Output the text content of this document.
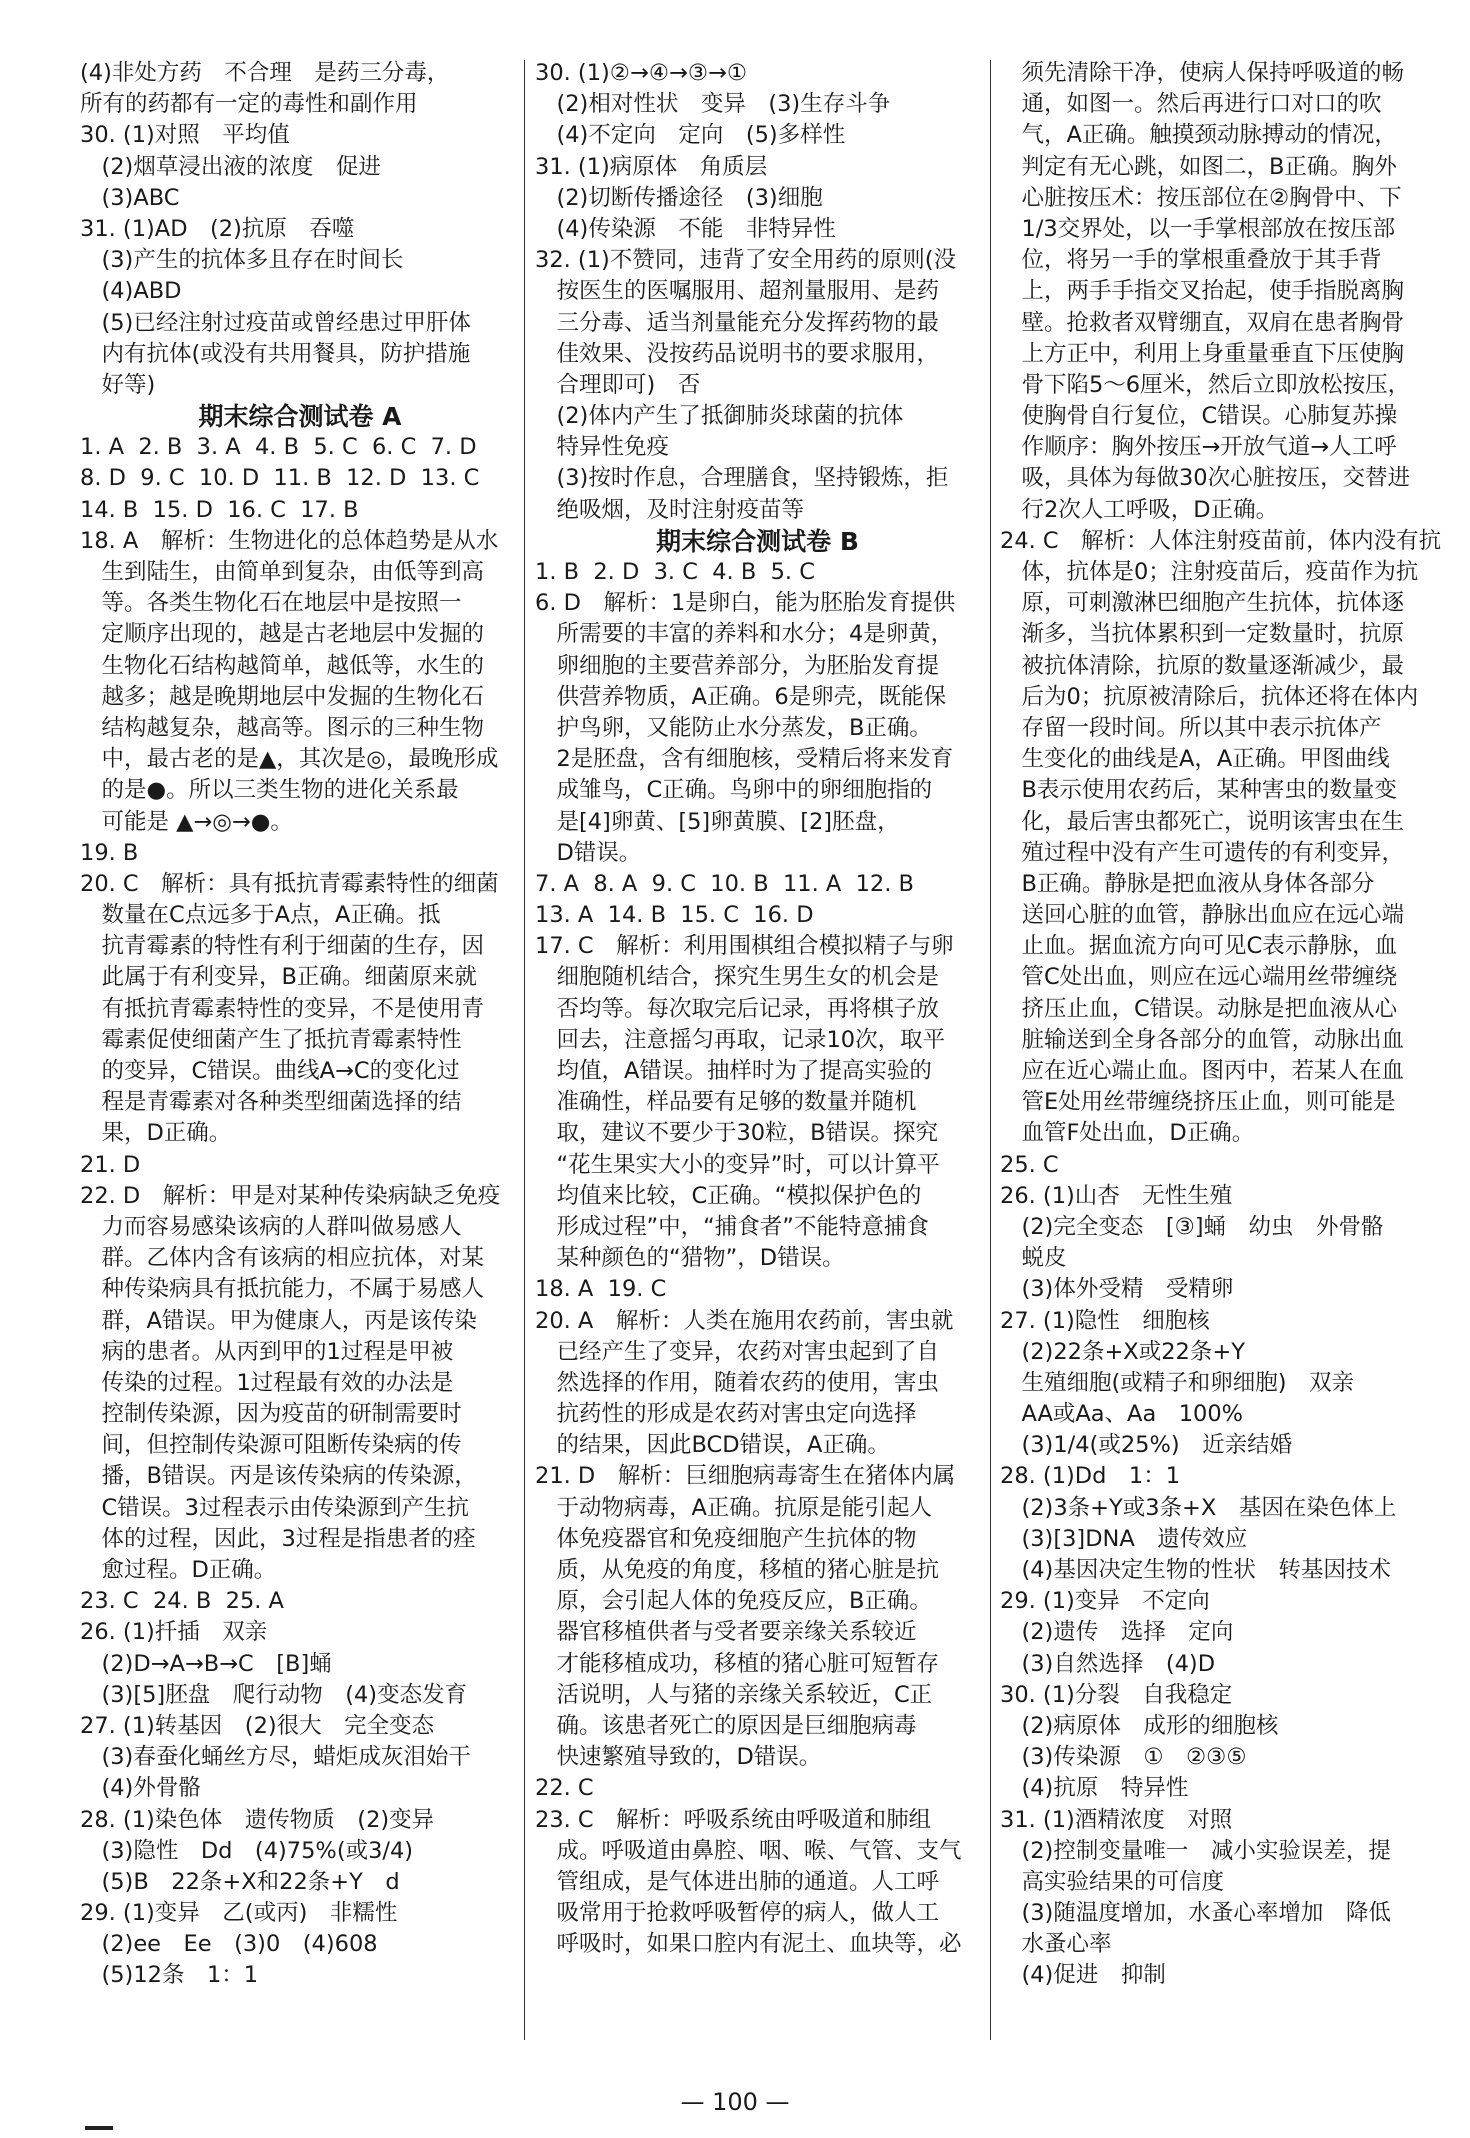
(4)非处方药　不合理　是药三分毒，
所有的药都有一定的毒性和副作用
30. (1)对照　平均值
(2)烟草浸出液的浓度　促进
(3)ABC
31. (1)AD　(2)抗原　吞噬
(3)产生的抗体多且存在时间长
(4)ABD
(5)已经注射过疫苗或曾经患过甲肝体
内有抗体(或没有共用餐具，防护措施
好等)
期末综合测试卷 A
1. A  2. B  3. A  4. B  5. C  6. C  7. D
8. D  9. C  10. D  11. B  12. D  13. C
14. B  15. D  16. C  17. B
18. A　解析：生物进化的总体趋势是从水
生到陆生，由简单到复杂，由低等到高
等。各类生物化石在地层中是按照一
定顺序出现的，越是古老地层中发掘的
生物化石结构越简单，越低等，水生的
越多；越是晚期地层中发掘的生物化石
结构越复杂，越高等。图示的三种生物
中，最古老的是▲，其次是◎，最晚形成
的是●。所以三类生物的进化关系最
可能是 ▲→◎→●。
19. B
20. C　解析：具有抵抗青霉素特性的细菌
数量在C点远多于A点，A正确。抵
抗青霉素的特性有利于细菌的生存，因
此属于有利变异，B正确。细菌原来就
有抵抗青霉素特性的变异，不是使用青
霉素促使细菌产生了抵抗青霉素特性
的变异，C错误。曲线A→C的变化过
程是青霉素对各种类型细菌选择的结
果，D正确。
21. D
22. D　解析：甲是对某种传染病缺乏免疫
力而容易感染该病的人群叫做易感人
群。乙体内含有该病的相应抗体，对某
种传染病具有抵抗能力，不属于易感人
群，A错误。甲为健康人，丙是该传染
病的患者。从丙到甲的1过程是甲被
传染的过程。1过程最有效的办法是
控制传染源，因为疫苗的研制需要时
间，但控制传染源可阻断传染病的传
播，B错误。丙是该传染病的传染源，
C错误。3过程表示由传染源到产生抗
体的过程，因此，3过程是指患者的痊
愈过程。D正确。
23. C  24. B  25. A
26. (1)扦插　双亲
(2)D→A→B→C　[B]蛹
(3)[5]胚盘　爬行动物　(4)变态发育
27. (1)转基因　(2)很大　完全变态
(3)春蚕化蛹丝方尽，蜡炬成灰泪始干
(4)外骨骼
28. (1)染色体　遗传物质　(2)变异
(3)隐性　Dd　(4)75%(或3/4)
(5)B　22条+X和22条+Y　d
29. (1)变异　乙(或丙)　非糯性
(2)ee　Ee　(3)0　(4)608
(5)12条　1：1
30. (1)②→④→③→①
(2)相对性状　变异　(3)生存斗争
(4)不定向　定向　(5)多样性
31. (1)病原体　角质层
(2)切断传播途径　(3)细胞
(4)传染源　不能　非特异性
32. (1)不赞同，违背了安全用药的原则(没
按医生的医嘱服用、超剂量服用、是药
三分毒、适当剂量能充分发挥药物的最
佳效果、没按药品说明书的要求服用，
合理即可)　否
(2)体内产生了抵御肺炎球菌的抗体
特异性免疫
(3)按时作息，合理膳食，坚持锻炼，拒
绝吸烟，及时注射疫苗等
期末综合测试卷 B
1. B  2. D  3. C  4. B  5. C
6. D　解析：1是卵白，能为胚胎发育提供
所需要的丰富的养料和水分；4是卵黄，
卵细胞的主要营养部分，为胚胎发育提
供营养物质，A正确。6是卵壳，既能保
护鸟卵，又能防止水分蒸发，B正确。
2是胚盘，含有细胞核，受精后将来发育
成雏鸟，C正确。鸟卵中的卵细胞指的
是[4]卵黄、[5]卵黄膜、[2]胚盘，
D错误。
7. A  8. A  9. C  10. B  11. A  12. B
13. A  14. B  15. C  16. D
17. C　解析：利用围棋组合模拟精子与卵
细胞随机结合，探究生男生女的机会是
否均等。每次取完后记录，再将棋子放
回去，注意摇匀再取，记录10次，取平
均值，A错误。抽样时为了提高实验的
准确性，样品要有足够的数量并随机
取，建议不要少于30粒，B错误。探究
“花生果实大小的变异”时，可以计算平
均值来比较，C正确。“模拟保护色的
形成过程”中，“捕食者”不能特意捕食
某种颜色的“猎物”，D错误。
18. A  19. C
20. A　解析：人类在施用农药前，害虫就
已经产生了变异，农药对害虫起到了自
然选择的作用，随着农药的使用，害虫
抗药性的形成是农药对害虫定向选择
的结果，因此BCD错误，A正确。
21. D　解析：巨细胞病毒寄生在猪体内属
于动物病毒，A正确。抗原是能引起人
体免疫器官和免疫细胞产生抗体的物
质，从免疫的角度，移植的猪心脏是抗
原，会引起人体的免疫反应，B正确。
器官移植供者与受者要亲缘关系较近
才能移植成功，移植的猪心脏可短暂存
活说明，人与猪的亲缘关系较近，C正
确。该患者死亡的原因是巨细胞病毒
快速繁殖导致的，D错误。
22. C
23. C　解析：呼吸系统由呼吸道和肺组
成。呼吸道由鼻腔、咽、喉、气管、支气
管组成，是气体进出肺的通道。人工呼
吸常用于抢救呼吸暂停的病人，做人工
呼吸时，如果口腔内有泥土、血块等，必
须先清除干净，使病人保持呼吸道的畅
通，如图一。然后再进行口对口的吹
气，A正确。触摸颈动脉搏动的情况，
判定有无心跳，如图二，B正确。胸外
心脏按压术：按压部位在②胸骨中、下
1/3交界处，以一手掌根部放在按压部
位，将另一手的掌根重叠放于其手背
上，两手手指交叉抬起，使手指脱离胸
壁。抢救者双臂绷直，双肩在患者胸骨
上方正中，利用上身重量垂直下压使胸
骨下陷5～6厘米，然后立即放松按压，
使胸骨自行复位，C错误。心肺复苏操
作顺序：胸外按压→开放气道→人工呼
吸，具体为每做30次心脏按压，交替进
行2次人工呼吸，D正确。
24. C　解析：人体注射疫苗前，体内没有抗
体，抗体是0；注射疫苗后，疫苗作为抗
原，可刺激淋巴细胞产生抗体，抗体逐
渐多，当抗体累积到一定数量时，抗原
被抗体清除，抗原的数量逐渐减少，最
后为0；抗原被清除后，抗体还将在体内
存留一段时间。所以其中表示抗体产
生变化的曲线是A，A正确。甲图曲线
B表示使用农药后，某种害虫的数量变
化，最后害虫都死亡，说明该害虫在生
殖过程中没有产生可遗传的有利变异，
B正确。静脉是把血液从身体各部分
送回心脏的血管，静脉出血应在远心端
止血。据血流方向可见C表示静脉，血
管C处出血，则应在远心端用丝带缠绕
挤压止血，C错误。动脉是把血液从心
脏输送到全身各部分的血管，动脉出血
应在近心端止血。图丙中，若某人在血
管E处用丝带缠绕挤压止血，则可能是
血管F处出血，D正确。
25. C
26. (1)山杏　无性生殖
(2)完全变态　[③]蛹　幼虫　外骨骼
蜕皮
(3)体外受精　受精卵
27. (1)隐性　细胞核
(2)22条+X或22条+Y
生殖细胞(或精子和卵细胞)　双亲
AA或Aa、Aa　100%
(3)1/4(或25%)　近亲结婚
28. (1)Dd　1：1
(2)3条+Y或3条+X　基因在染色体上
(3)[3]DNA　遗传效应
(4)基因决定生物的性状　转基因技术
29. (1)变异　不定向
(2)遗传　选择　定向
(3)自然选择　(4)D
30. (1)分裂　自我稳定
(2)病原体　成形的细胞核
(3)传染源　①　②③⑤
(4)抗原　特异性
31. (1)酒精浓度　对照
(2)控制变量唯一　减小实验误差，提
高实验结果的可信度
(3)随温度增加，水蚤心率增加　降低
水蚤心率
(4)促进　抑制
— 100 —
